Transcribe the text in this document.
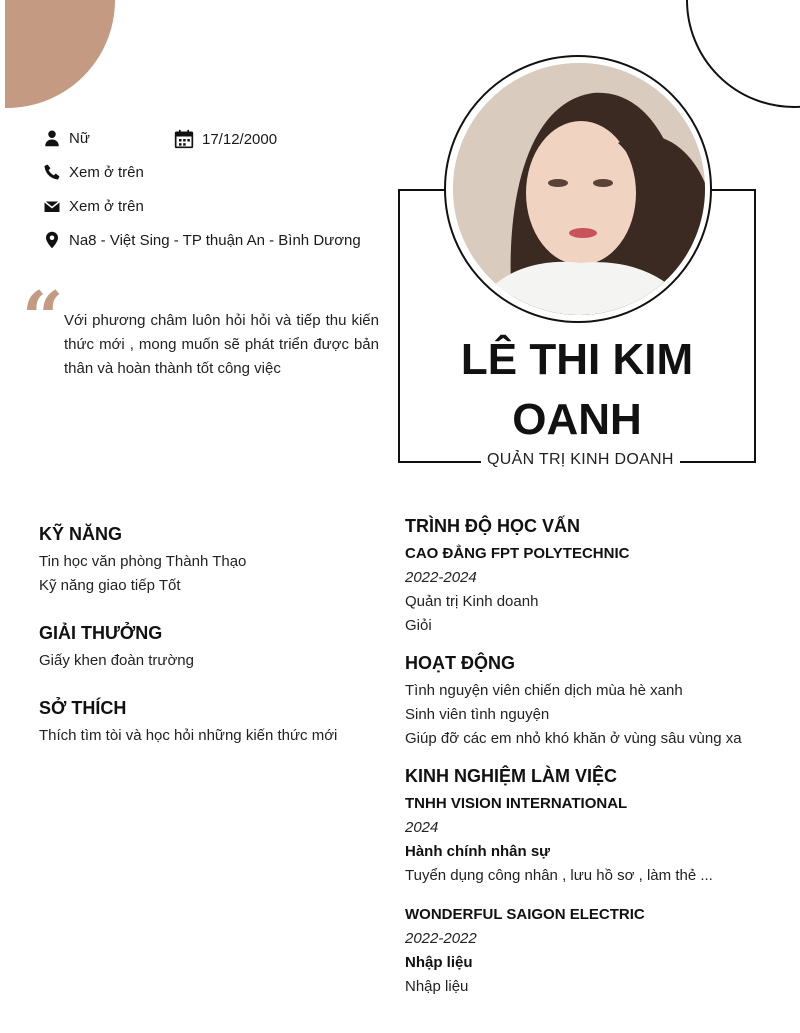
Nữ	17/12/2000
Xem ở trên
Xem ở trên
Na8 - Việt Sing - TP thuận An - Bình Dương
“ Với phương châm luôn hỏi hỏi và tiếp thu kiến thức mới , mong muốn sẽ phát triển được bản thân và hoàn thành tốt công việc	LÊ THI KIM
OANH
QUẢN TRỊ KINH DOANH
KỸ NĂNG
Tin học văn phòng Thành Thạo
Kỹ năng giao tiếp Tốt
GIẢI THƯỞNG
Giấy khen đoàn trường
SỞ THÍCH
Thích tìm tòi và học hỏi những kiến thức mới
TRÌNH ĐỘ HỌC VẤN
CAO ĐẲNG FPT POLYTECHNIC
2022-2024
Quản trị Kinh doanh
Giỏi
HOẠT ĐỘNG
Tình nguyện viên chiến dịch mùa hè xanh
Sinh viên tình nguyện
Giúp đỡ các em nhỏ khó khăn ở vùng sâu vùng xa
KINH NGHIỆM LÀM VIỆC
TNHH VISION INTERNATIONAL
2024
Hành chính nhân sự
Tuyển dụng công nhân , lưu hồ sơ , làm thẻ ...
WONDERFUL SAIGON ELECTRIC
2022-2022
Nhập liệu
Nhập liệu
